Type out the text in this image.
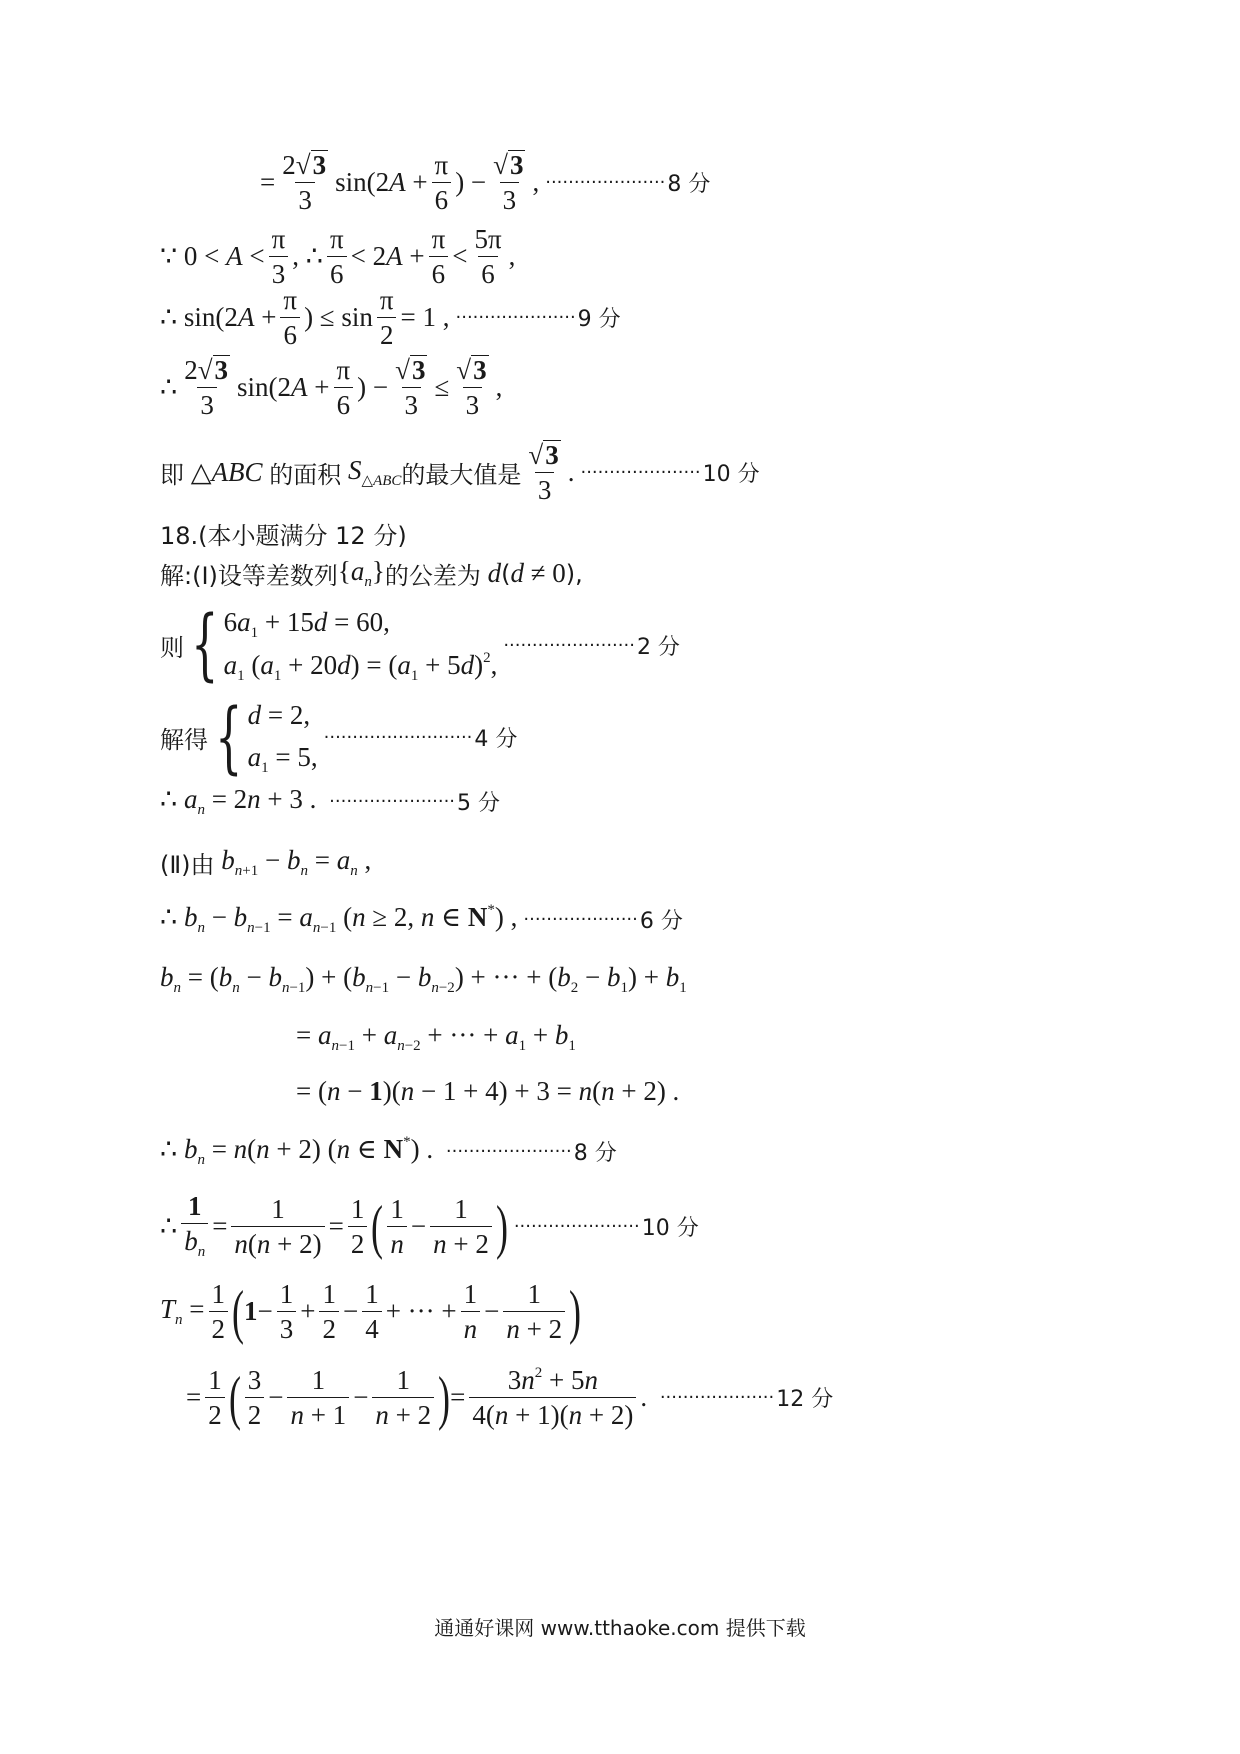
= $\frac{2 √ 3}{3} \sin(2A + \frac{\pi}{6}$ ) − $\frac{√ 3}{3}$ , ····················· 8 分
∵ $0 < A < \frac{\pi}{3}$ , ∴ $\frac{\pi}{6} < 2A + \frac{\pi}{6} < \frac{5\pi}{6}$ ,
∴ $\sin(2A + \frac{\pi}{6}$ ) ≤ $\sin \frac{\pi}{2} = 1$ , ····················· 9 分
∴ $\frac{2 √ 3}{3} \sin(2A + \frac{\pi}{6}$ ) − $\frac{√ 3}{3} \le \frac{√ 3}{3}$ ,
即 △ABC 的面积 $S_{\triangle ABC}$ 的最大值是 $\frac{√ 3}{3}$ . ····················· 10 分
18.(本小题满分 12 分)
解:(Ⅰ)设等差数列 $\{a_n\}$ 的公差为 d ( d ≠ 0 ),
则 { $6a_1 + 15d = 60$,
$a_1$ $(a_1 + 20d) = (a_1 + 5d)^2$,
······················· 2 分
解得 { d = 2,
$a_1 = 5$,
·························· 4 分
∴ $a_n = 2n + 3$ . ······················ 5 分
(Ⅱ)由 $b_{n+1} - b_n = a_n$ ,
∴ $b_n - b_{n-1} = a_{n-1}$ (n ≥ 2, n ∈ N*) , ···················· 6 分
$b_n = (b_n - b_{n-1}) + (b_{n-1} - b_{n-2})$ + ··· + $(b_2 - b_1) + b_1$
= $a_{n-1} + a_{n-2}$ + ··· + $a_1 + b_1$
= (n − 1)(n − 1 + 4) + 3 = n(n + 2) .
∴ $b_n = n(n + 2)$ (n ∈ N*) . ······················ 8 分
∴ $\frac{1}{b_n} = \frac{1}{n(n + 2)} = \frac{1}{2}$ ( $\frac{1}{n} - \frac{1}{n + 2}$ ) ······················ 10 分
$T_n = \frac{1}{2}$ ( $1 - \frac{1}{3} + \frac{1}{2} - \frac{1}{4}$ + ··· + $\frac{1}{n} - \frac{1}{n + 2}$ )
= $\frac{1}{2}$ ( $\frac{3}{2} - \frac{1}{n + 1} - \frac{1}{n + 2}$ ) = $\frac{3n^2 + 5n}{4(n + 1)(n + 2)}$ . ···················· 12 分
通通好课网 www.tthaoke.com 提供下载
